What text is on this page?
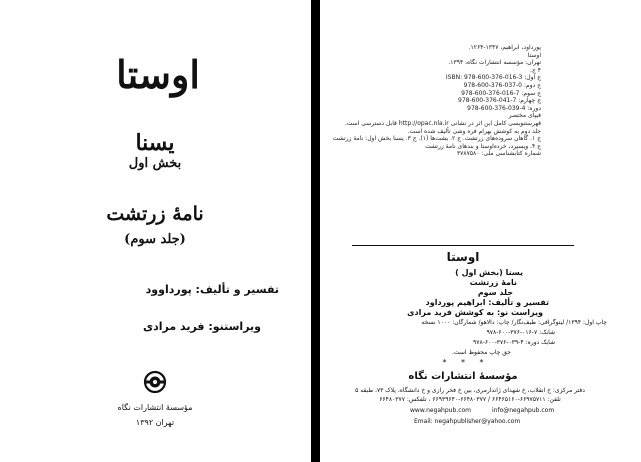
اوستا
یسنا
بخش اول
نامهٔ زرتشت
(جلد سوم)
تفسیر و تألیف: پورداوود
ویراستنو: فرید مرادی
مؤسسهٔ انتشارات نگاه
تهران ۱۳۹۲
پورداود، ابراهیم، ۱۳۴۷-۱۲۶۴.
اوستا
تهران: مؤسسه انتشارات نگاه، ۱۳۹۴.
۴ ج.
ج اول: 3-016-376-600-978 :ISBN
ج دوم: 0-037-376-600-978
ج سوم: 7-016-376-600-978
ج چهارم: 7-041-376-600-978
دوره: 4-039-376-600-978
فیپای مختصر
فهرستنویسی کامل این اثر در نشانی http://opac.nla.ir قابل دسترسی است.
جلد دوم به کوشش بهرام فره وشی تألیف شده است.
ج ۱. گاهان سروده‌های زرتشت. ج ۲. یشت‌ها (۱). ج ۳. یسنا بخش اول: نامهٔ زرتشت
ج ۴. ویسپرد، خرده‌اوستا و بندهای نامهٔ زرتشت
شماره کتابشناسی ملی: ۳۷۸۷۵۸۰
اوستا
یسنا (بخش اول )
نامهٔ زرتشت
جلد سوم
تفسیر و تألیف: ابراهیم پورداود
ویراست نو: به کوشش فرید مرادی
چاپ اول: ۱۳۹۴/ لیتوگرافی: طیف‌نگار/ چاپ: دالاهو/ شمارگان: ۱۰۰۰ نسخه
شابک: ۷-۰۱۶-۳۷۶-۶۰۰-۹۷۸
شابک دوره: ۴-۰۳۹-۳۷۶-۶۰۰-۹۷۸
حق چاپ محفوظ است.
* * *
مؤسسهٔ انتشارات نگاه
دفتر مرکزی: خ انقلاب، خ شهدای ژاندارمری، بین خ فخر رازی و خ دانشگاه، پلاک ۷۳، طبقه ۵
تلفن: ۶۶۹۷۵۷۱۱-۶۶۴۶۵۱۶۰ / ۶۶۴۸۰۳۷۷-۶۶۹۳۹۶۴۰ ، تلفکس: ۶۶۴۸۰۳۷۷
www.negahpub.com	info@negahpub.com
Email: negahpublisher@yahoo.com
